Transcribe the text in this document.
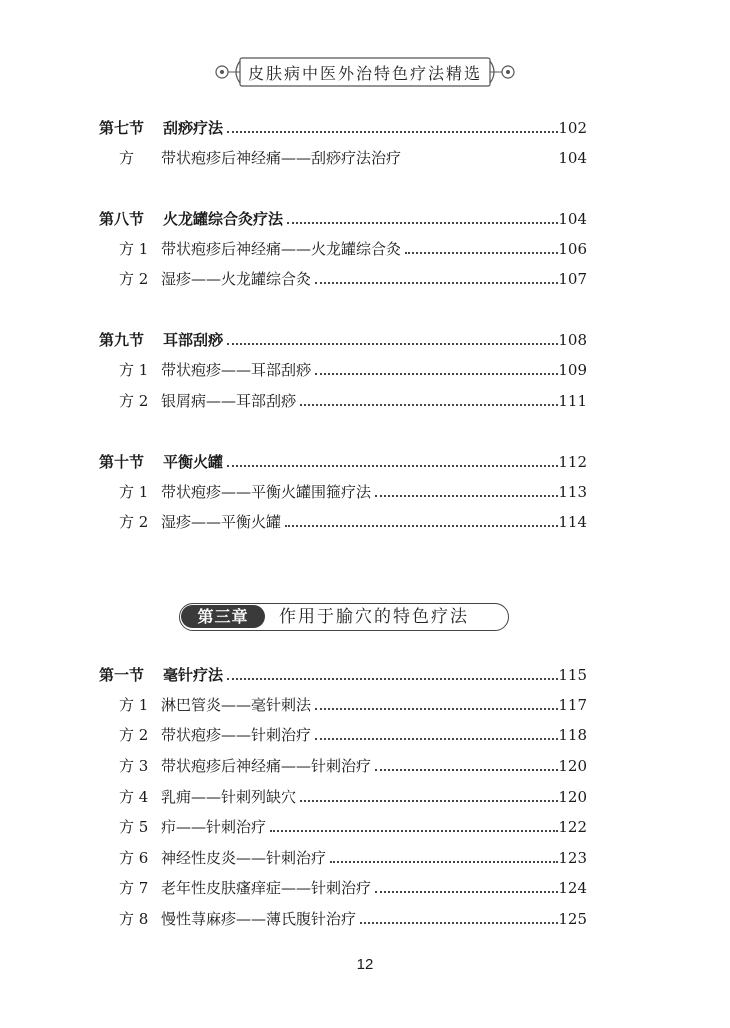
皮肤病中医外治特色疗法精选
第七节 刮痧疗法	102
方 带状疱疹后神经痛——刮痧疗法治疗	104
第八节 火龙罐综合灸疗法	104
方 1 带状疱疹后神经痛——火龙罐综合灸	106
方 2 湿疹——火龙罐综合灸	107
第九节 耳部刮痧	108
方 1 带状疱疹——耳部刮痧	109
方 2 银屑病——耳部刮痧	111
第十节 平衡火罐	112
方 1 带状疱疹——平衡火罐围箍疗法	113
方 2 湿疹——平衡火罐	114
第三章	作用于腧穴的特色疗法
第一节 毫针疗法	115
方 1 淋巴管炎——毫针刺法	117
方 2 带状疱疹——针刺治疗	118
方 3 带状疱疹后神经痛——针刺治疗	120
方 4 乳痈——针刺列缺穴	120
方 5 疖——针刺治疗	122
方 6 神经性皮炎——针刺治疗	123
方 7 老年性皮肤瘙痒症——针刺治疗	124
方 8 慢性荨麻疹——薄氏腹针治疗	125
12
